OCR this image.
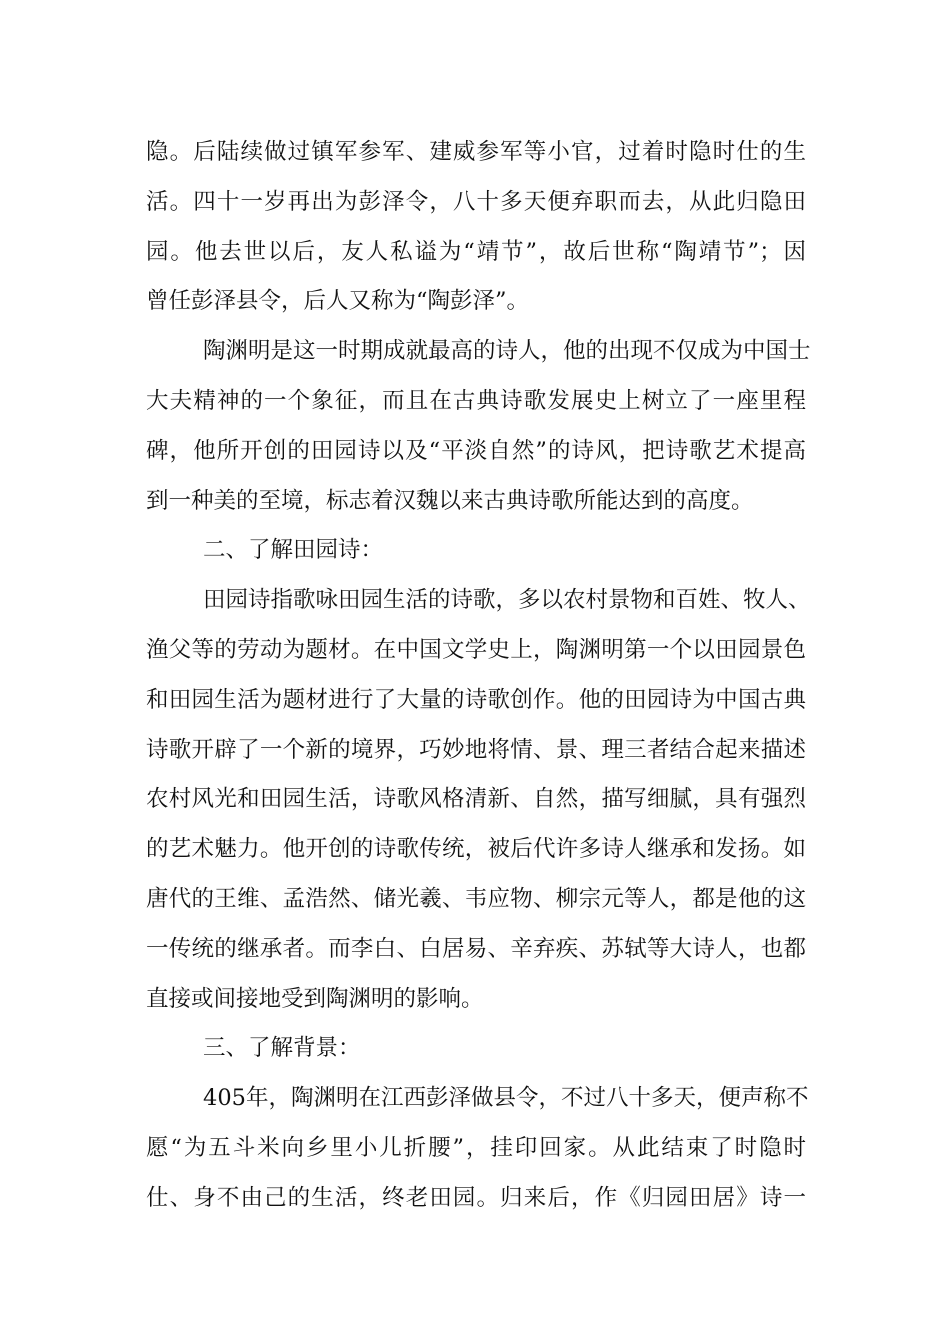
隐。后陆续做过镇军参军、建威参军等小官，过着时隐时仕的生
活。四十一岁再出为彭泽令，八十多天便弃职而去，从此归隐田
园。他去世以后，友人私谥为“靖节”，故后世称“陶靖节”；因
曾任彭泽县令，后人又称为“陶彭泽”。
陶渊明是这一时期成就最高的诗人，他的出现不仅成为中国士
大夫精神的一个象征，而且在古典诗歌发展史上树立了一座里程
碑，他所开创的田园诗以及“平淡自然”的诗风，把诗歌艺术提高
到一种美的至境，标志着汉魏以来古典诗歌所能达到的高度。
二、了解田园诗：
田园诗指歌咏田园生活的诗歌，多以农村景物和百姓、牧人、
渔父等的劳动为题材。在中国文学史上，陶渊明第一个以田园景色
和田园生活为题材进行了大量的诗歌创作。他的田园诗为中国古典
诗歌开辟了一个新的境界，巧妙地将情、景、理三者结合起来描述
农村风光和田园生活，诗歌风格清新、自然，描写细腻，具有强烈
的艺术魅力。他开创的诗歌传统，被后代许多诗人继承和发扬。如
唐代的王维、孟浩然、储光羲、韦应物、柳宗元等人，都是他的这
一传统的继承者。而李白、白居易、辛弃疾、苏轼等大诗人，也都
直接或间接地受到陶渊明的影响。
三、了解背景：
405年，陶渊明在江西彭泽做县令，不过八十多天，便声称不
愿“为五斗米向乡里小儿折腰”，挂印回家。从此结束了时隐时
仕、身不由己的生活，终老田园。归来后，作《归园田居》诗一
